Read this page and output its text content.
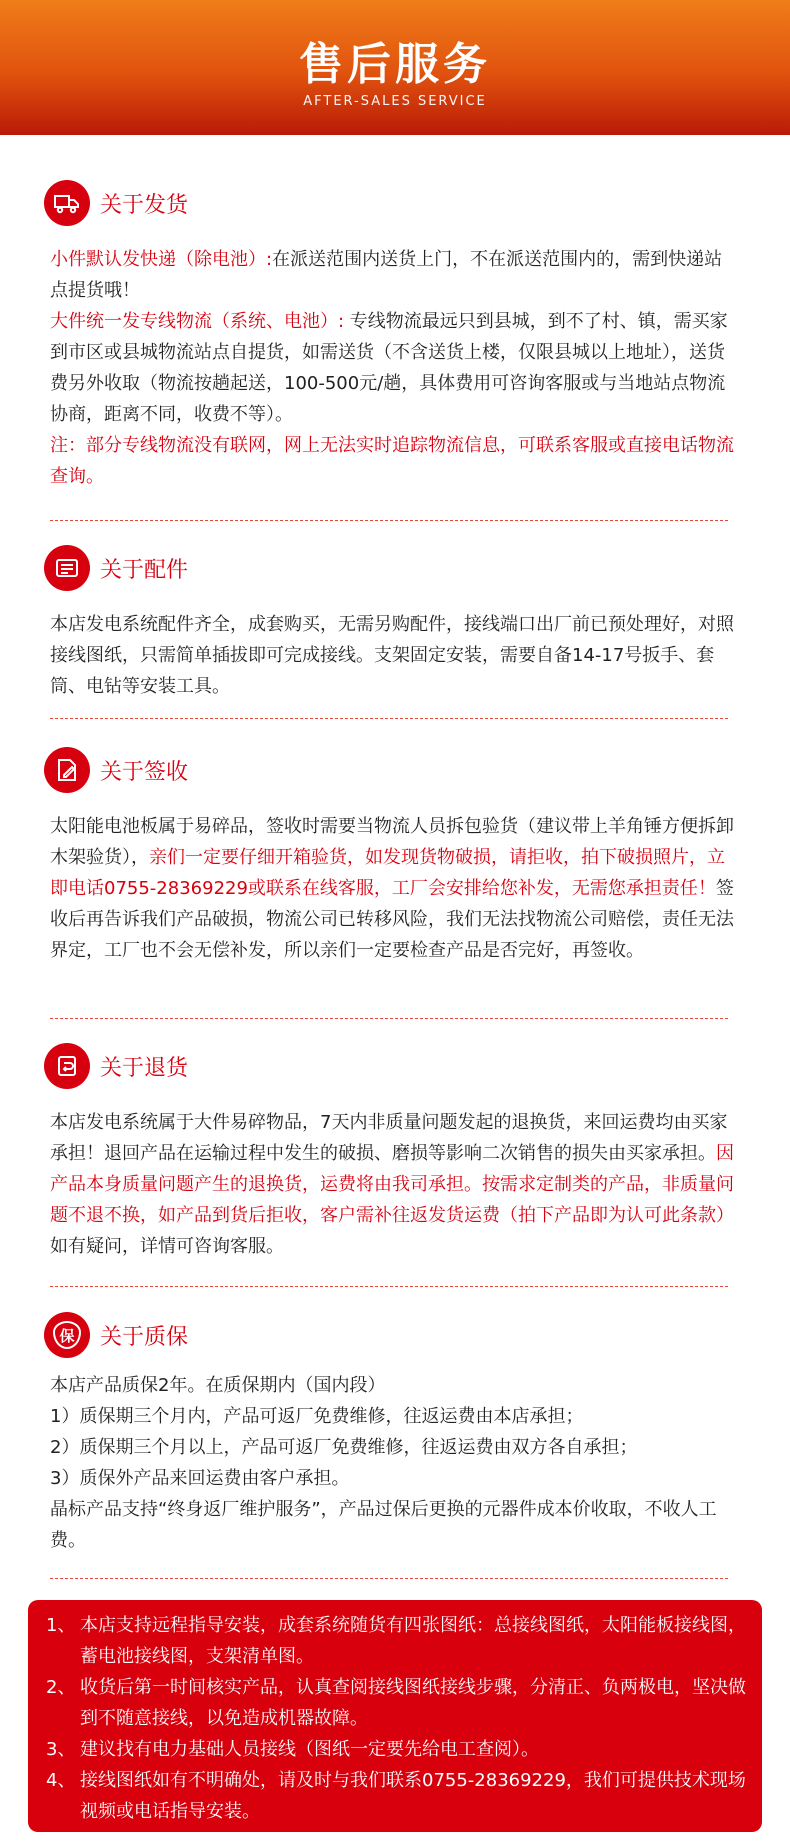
售后服务
AFTER-SALES SERVICE
关于发货
小件默认发快递（除电池）:在派送范围内送货上门，不在派送范围内的，需到快递站点提货哦！
大件统一发专线物流（系统、电池）: 专线物流最远只到县城，到不了村、镇，需买家到市区或县城物流站点自提货，如需送货（不含送货上楼，仅限县城以上地址），送货费另外收取（物流按趟起送，100-500元/趟，具体费用可咨询客服或与当地站点物流协商，距离不同，收费不等）。
注：部分专线物流没有联网，网上无法实时追踪物流信息，可联系客服或直接电话物流查询。
关于配件
本店发电系统配件齐全，成套购买，无需另购配件，接线端口出厂前已预处理好，对照接线图纸，只需简单插拔即可完成接线。支架固定安装，需要自备14-17号扳手、套筒、电钻等安装工具。
关于签收
太阳能电池板属于易碎品，签收时需要当物流人员拆包验货（建议带上羊角锤方便拆卸木架验货），亲们一定要仔细开箱验货，如发现货物破损，请拒收，拍下破损照片，立即电话0755-28369229或联系在线客服，工厂会安排给您补发，无需您承担责任！签收后再告诉我们产品破损，物流公司已转移风险，我们无法找物流公司赔偿，责任无法界定，工厂也不会无偿补发，所以亲们一定要检查产品是否完好，再签收。
关于退货
本店发电系统属于大件易碎物品，7天内非质量问题发起的退换货，来回运费均由买家承担！退回产品在运输过程中发生的破损、磨损等影响二次销售的损失由买家承担。因产品本身质量问题产生的退换货，运费将由我司承担。按需求定制类的产品，非质量问题不退不换，如产品到货后拒收，客户需补往返发货运费（拍下产品即为认可此条款）如有疑问，详情可咨询客服。
保 关于质保
本店产品质保2年。在质保期内（国内段）
1）质保期三个月内，产品可返厂免费维修，往返运费由本店承担；
2）质保期三个月以上，产品可返厂免费维修，往返运费由双方各自承担；
3）质保外产品来回运费由客户承担。
晶标产品支持“终身返厂维护服务”，产品过保后更换的元器件成本价收取，不收人工费。
1、 本店支持远程指导安装，成套系统随货有四张图纸：总接线图纸，太阳能板接线图，蓄电池接线图，支架清单图。
2、 收货后第一时间核实产品，认真查阅接线图纸接线步骤，分清正、负两极电，坚决做到不随意接线，以免造成机器故障。
3、 建议找有电力基础人员接线（图纸一定要先给电工查阅）。
4、 接线图纸如有不明确处，请及时与我们联系0755-28369229，我们可提供技术现场视频或电话指导安装。
